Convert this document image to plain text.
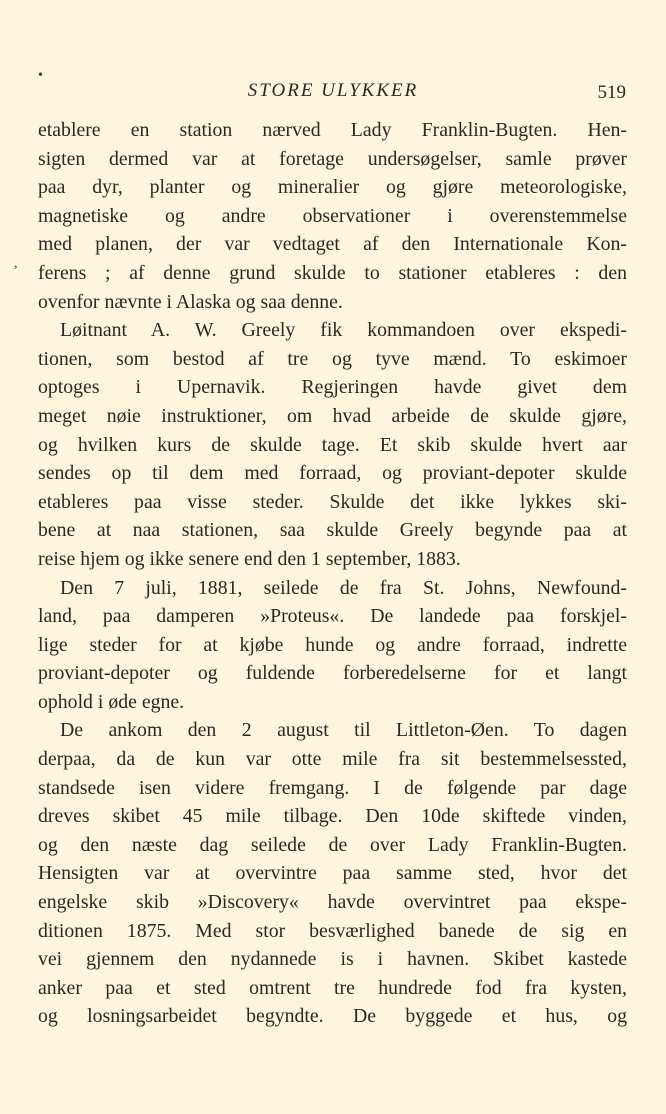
•
,
STORE ULYKKER	519
etablere en station nærved Lady Franklin-Bugten. Hen-
sigten dermed var at foretage undersøgelser, samle prøver
paa dyr, planter og mineralier og gjøre meteorologiske,
magnetiske og andre observationer i overenstemmelse
med planen, der var vedtaget af den Internationale Kon-
ferens ; af denne grund skulde to stationer etableres : den
ovenfor nævnte i Alaska og saa denne.
Løitnant A. W. Greely fik kommandoen over ekspedi-
tionen, som bestod af tre og tyve mænd. To eskimoer
optoges i Upernavik. Regjeringen havde givet dem
meget nøie instruktioner, om hvad arbeide de skulde gjøre,
og hvilken kurs de skulde tage. Et skib skulde hvert aar
sendes op til dem med forraad, og proviant-depoter skulde
etableres paa visse steder. Skulde det ikke lykkes ski-
bene at naa stationen, saa skulde Greely begynde paa at
reise hjem og ikke senere end den 1 september, 1883.
Den 7 juli, 1881, seilede de fra St. Johns, Newfound-
land, paa damperen »Proteus«. De landede paa forskjel-
lige steder for at kjøbe hunde og andre forraad, indrette
proviant-depoter og fuldende forberedelserne for et langt
ophold i øde egne.
De ankom den 2 august til Littleton-Øen. To dagen
derpaa, da de kun var otte mile fra sit bestemmelsessted,
standsede isen videre fremgang. I de følgende par dage
dreves skibet 45 mile tilbage. Den 10de skiftede vinden,
og den næste dag seilede de over Lady Franklin-Bugten.
Hensigten var at overvintre paa samme sted, hvor det
engelske skib »Discovery« havde overvintret paa ekspe-
ditionen 1875. Med stor besværlighed banede de sig en
vei gjennem den nydannede is i havnen. Skibet kastede
anker paa et sted omtrent tre hundrede fod fra kysten,
og losningsarbeidet begyndte. De byggede et hus, og
